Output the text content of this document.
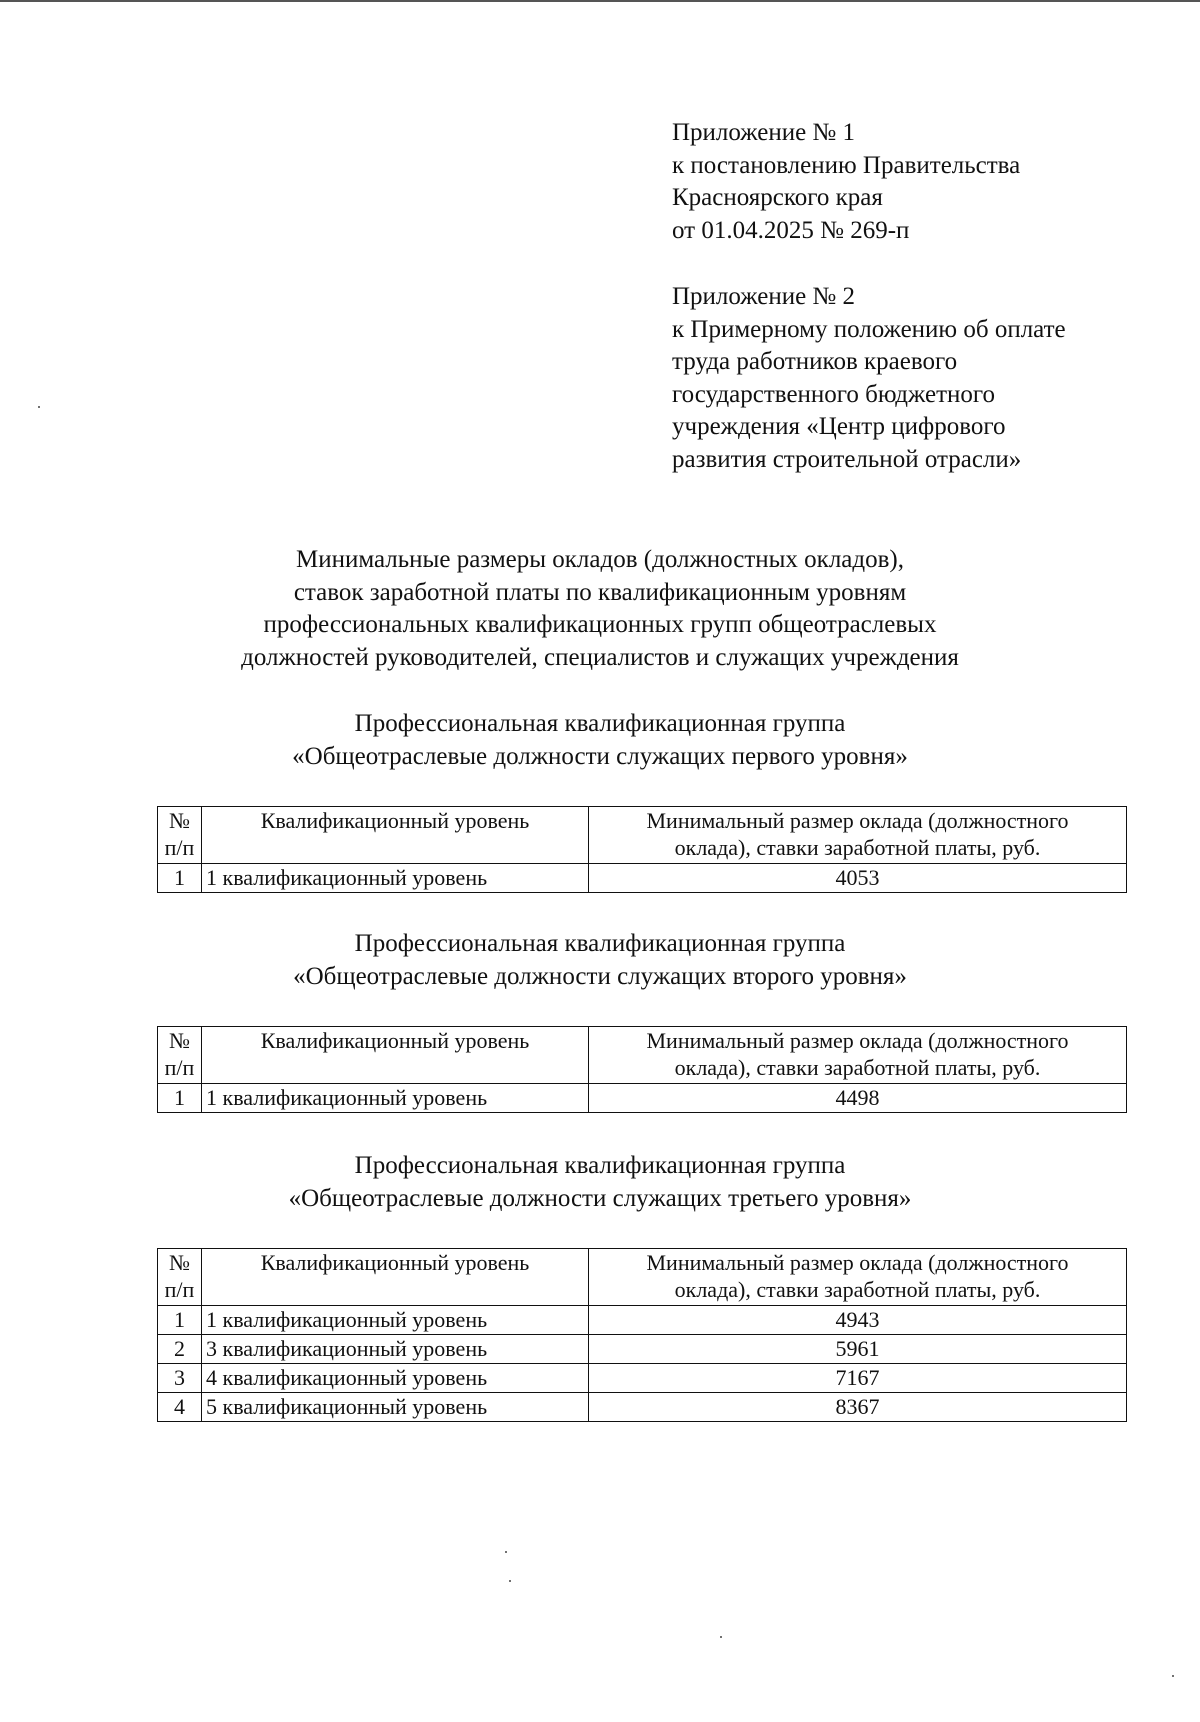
Приложение № 1
к постановлению Правительства
Красноярского края
от 01.04.2025 № 269-п
Приложение № 2
к Примерному положению об оплате
труда работников краевого
государственного бюджетного
учреждения «Центр цифрового
развития строительной отрасли»
Минимальные размеры окладов (должностных окладов),
ставок заработной платы по квалификационным уровням
профессиональных квалификационных групп общеотраслевых
должностей руководителей, специалистов и служащих учреждения
Профессиональная квалификационная группа
«Общеотраслевые должности служащих первого уровня»
№
п/п	Квалификационный уровень	Минимальный размер оклада (должностного
оклада), ставки заработной платы, руб.
1	1 квалификационный уровень	4053
Профессиональная квалификационная группа
«Общеотраслевые должности служащих второго уровня»
№
п/п	Квалификационный уровень	Минимальный размер оклада (должностного
оклада), ставки заработной платы, руб.
1	1 квалификационный уровень	4498
Профессиональная квалификационная группа
«Общеотраслевые должности служащих третьего уровня»
№
п/п	Квалификационный уровень	Минимальный размер оклада (должностного
оклада), ставки заработной платы, руб.
1	1 квалификационный уровень	4943
2	3 квалификационный уровень	5961
3	4 квалификационный уровень	7167
4	5 квалификационный уровень	8367
